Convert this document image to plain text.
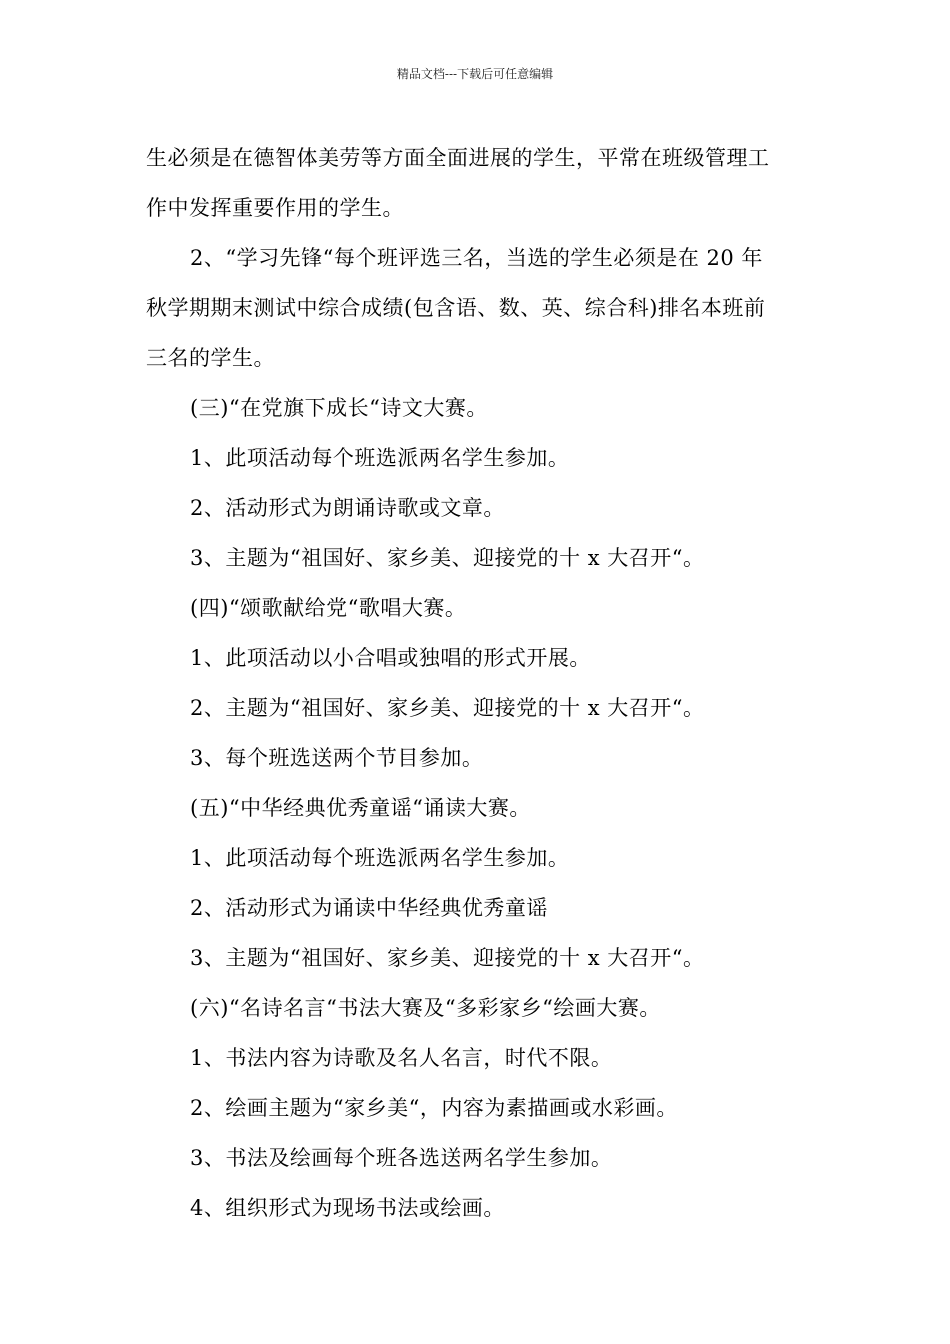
精品文档---下载后可任意编辑
生必须是在德智体美劳等方面全面进展的学生，平常在班级管理工
作中发挥重要作用的学生。
2、“学习先锋“每个班评选三名，当选的学生必须是在 20 年
秋学期期末测试中综合成绩(包含语、数、英、综合科)排名本班前
三名的学生。
(三)“在党旗下成长“诗文大赛。
1、此项活动每个班选派两名学生参加。
2、活动形式为朗诵诗歌或文章。
3、主题为“祖国好、家乡美、迎接党的十 x 大召开“。
(四)“颂歌献给党“歌唱大赛。
1、此项活动以小合唱或独唱的形式开展。
2、主题为“祖国好、家乡美、迎接党的十 x 大召开“。
3、每个班选送两个节目参加。
(五)“中华经典优秀童谣“诵读大赛。
1、此项活动每个班选派两名学生参加。
2、活动形式为诵读中华经典优秀童谣
3、主题为“祖国好、家乡美、迎接党的十 x 大召开“。
(六)“名诗名言“书法大赛及“多彩家乡“绘画大赛。
1、书法内容为诗歌及名人名言，时代不限。
2、绘画主题为“家乡美“，内容为素描画或水彩画。
3、书法及绘画每个班各选送两名学生参加。
4、组织形式为现场书法或绘画。
